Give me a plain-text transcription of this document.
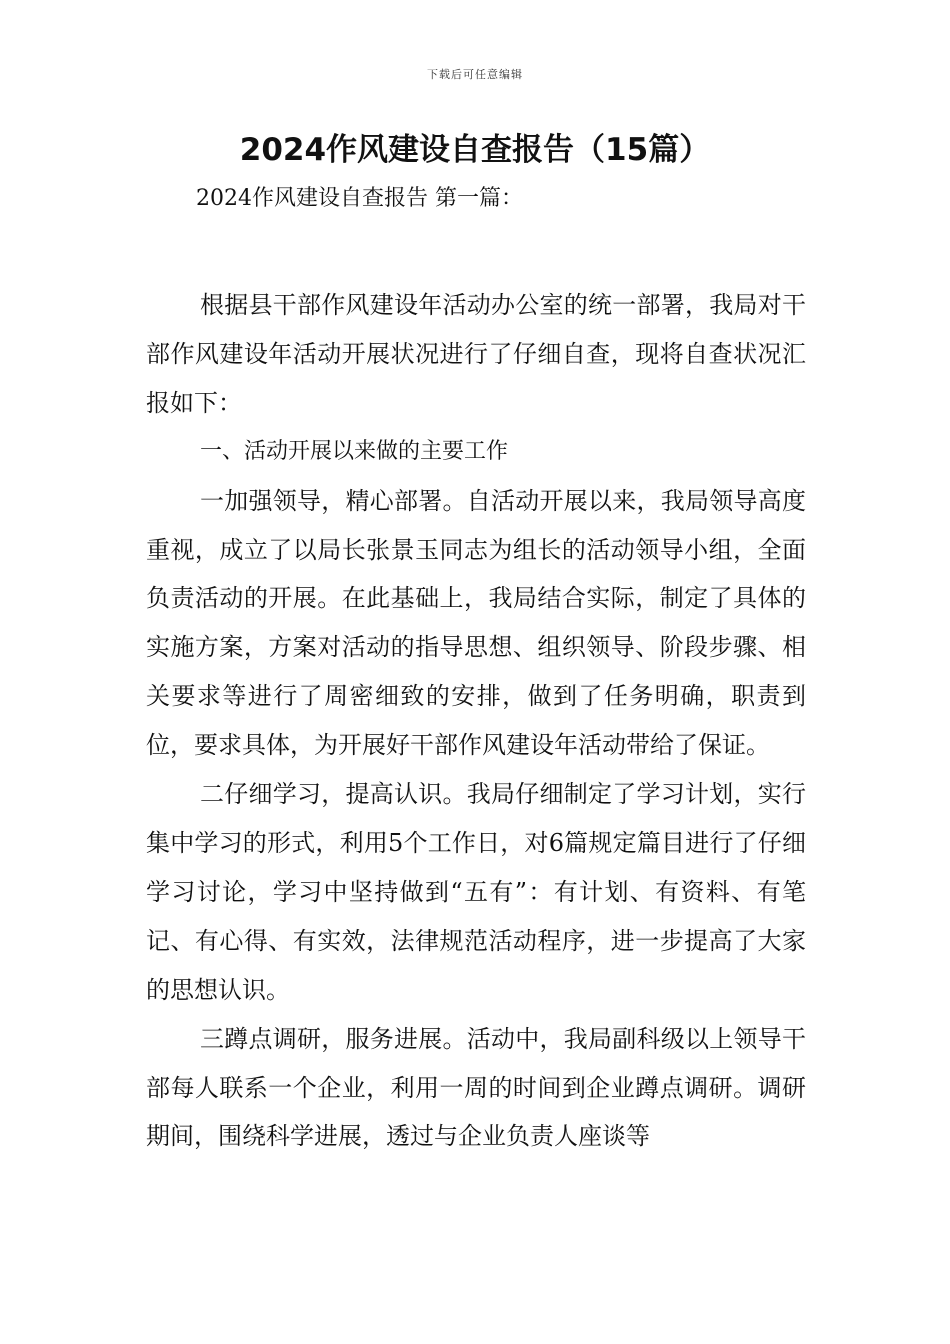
下载后可任意编辑
2024作风建设自查报告（15篇）
2024作风建设自查报告 第一篇：

根据县干部作风建设年活动办公室的统一部署，我局对干部作风建设年活动开展状况进行了仔细自查，现将自查状况汇报如下：

一、活动开展以来做的主要工作

一加强领导，精心部署。自活动开展以来，我局领导高度重视，成立了以局长张景玉同志为组长的活动领导小组，全面负责活动的开展。在此基础上，我局结合实际，制定了具体的实施方案，方案对活动的指导思想、组织领导、阶段步骤、相关要求等进行了周密细致的安排，做到了任务明确，职责到位，要求具体，为开展好干部作风建设年活动带给了保证。

二仔细学习，提高认识。我局仔细制定了学习计划，实行集中学习的形式，利用5个工作日，对6篇规定篇目进行了仔细学习讨论，学习中坚持做到“五有”：有计划、有资料、有笔记、有心得、有实效，法律规范活动程序，进一步提高了大家的思想认识。

三蹲点调研，服务进展。活动中，我局副科级以上领导干部每人联系一个企业，利用一周的时间到企业蹲点调研。调研期间，围绕科学进展，透过与企业负责人座谈等
